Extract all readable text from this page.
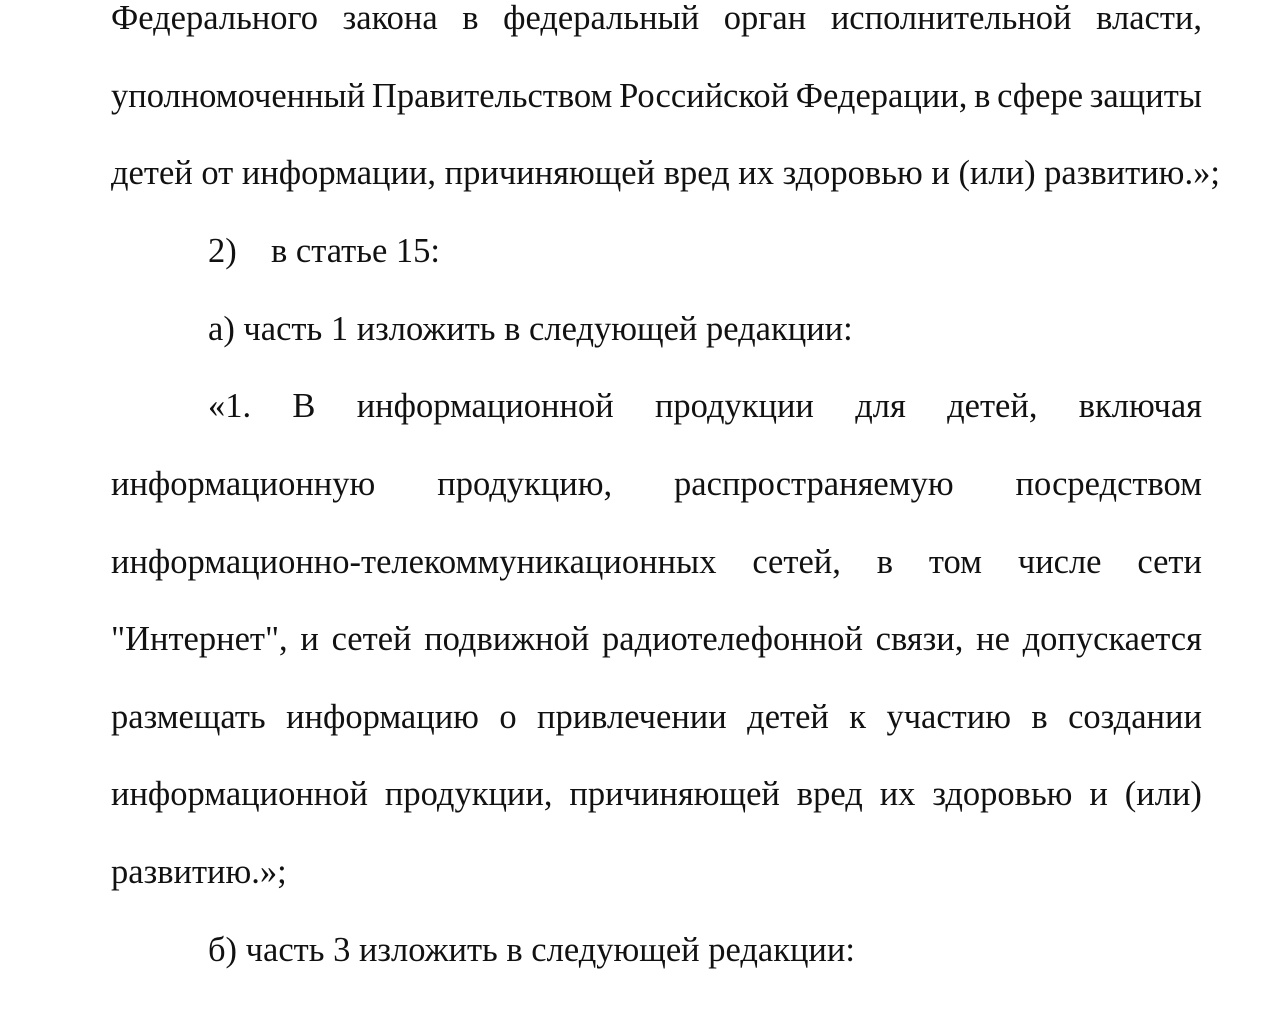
Федерального закона в федеральный орган исполнительной власти,
уполномоченный Правительством Российской Федерации, в сфере защиты
детей от информации, причиняющей вред их здоровью и (или) развитию.»;
2) в статье 15:
а) часть 1 изложить в следующей редакции:
«1. В информационной продукции для детей, включая
информационную продукцию, распространяемую посредством
информационно-телекоммуникационных сетей, в том числе сети
"Интернет", и сетей подвижной радиотелефонной связи, не допускается
размещать информацию о привлечении детей к участию в создании
информационной продукции, причиняющей вред их здоровью и (или)
развитию.»;
б) часть 3 изложить в следующей редакции:
